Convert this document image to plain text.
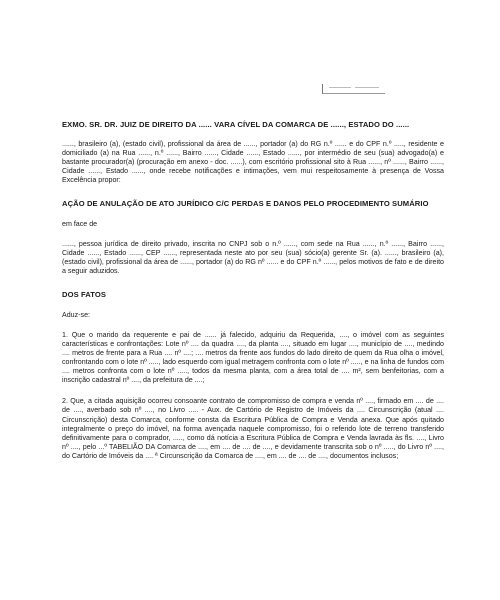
EXMO. SR. DR. JUIZ DE DIREITO DA ...... VARA CÍVEL DA COMARCA DE ......, ESTADO DO ......

......, brasileiro (a), (estado civil), profissional da área de ......, portador (a) do RG n.º ...... e do CPF n.º ....., residente e domiciliado (a) na Rua ......, n.º ......, Bairro ......, Cidade ......, Estado ......, por intermédio de seu (sua) advogado(a) e bastante procurador(a) (procuração em anexo - doc. ......), com escritório profissional sito à Rua ......, nº ......, Bairro ......, Cidade ......, Estado ......, onde recebe notificações e intimações, vem mui respeitosamente à presença de Vossa Excelência propor:

AÇÃO DE ANULAÇÃO DE ATO JURÍDICO C/C PERDAS E DANOS PELO PROCEDIMENTO SUMÁRIO

em face de

......, pessoa jurídica de direito privado, inscrita no CNPJ sob o n.º ......, com sede na Rua ......, n.º ......, Bairro ......, Cidade ......, Estado ......, CEP ......, representada neste ato por seu (sua) sócio(a) gerente Sr. (a). ......, brasileiro (a), (estado civil), profissional da área de ......, portador (a) do RG nº ...... e do CPF n.º ......, pelos motivos de fato e de direito a seguir aduzidos.

DOS FATOS

Aduz-se:

1. Que o marido da requerente e pai de ...... já falecido, adquiriu da Requerida, ...., o imóvel com as seguintes características e confrontações: Lote nº .... da quadra ...., da planta ...., situado em lugar ...., município de ...., medindo .... metros de frente para a Rua .... nº ....; .... metros da frente aos fundos do lado direito de quem da Rua olha o imóvel, confrontando com o lote nº ....., lado esquerdo com igual metragem confronta com o lote nº ....., e na linha de fundos com .... metros confronta com o lote nº ....., todos da mesma planta, com a área total de .... m², sem benfeitorias, com a inscrição cadastral nº ...., da prefeitura de ....;

2. Que, a citada aquisição ocorreu consoante contrato de compromisso de compra e venda nº ...., firmado em .... de .... de ...., averbado sob nº ...., no Livro ..... - Aux. de Cartório de Registro de Imóveis da .... Circunscrição (atual .... Circunscrição) desta Comarca, conforme consta da Escritura Pública de Compra e Venda anexa. Que após quitado integralmente o preço do imóvel, na forma avençada naquele compromisso, foi o referido lote de terreno transferido definitivamente para o comprador, ....., como dá notícia a Escritura Pública de Compra e Venda lavrada às fls. ...., Livro nº ...., pelo ...º TABELIÃO DA Comarca de ...., em .... de .... de ...., e devidamente transcrita sob o nº ....., do Livro nº ...., do Cartório de Imóveis da .... ª Circunscrição da Comarca de ...., em .... de .... de ...., documentos inclusos;
